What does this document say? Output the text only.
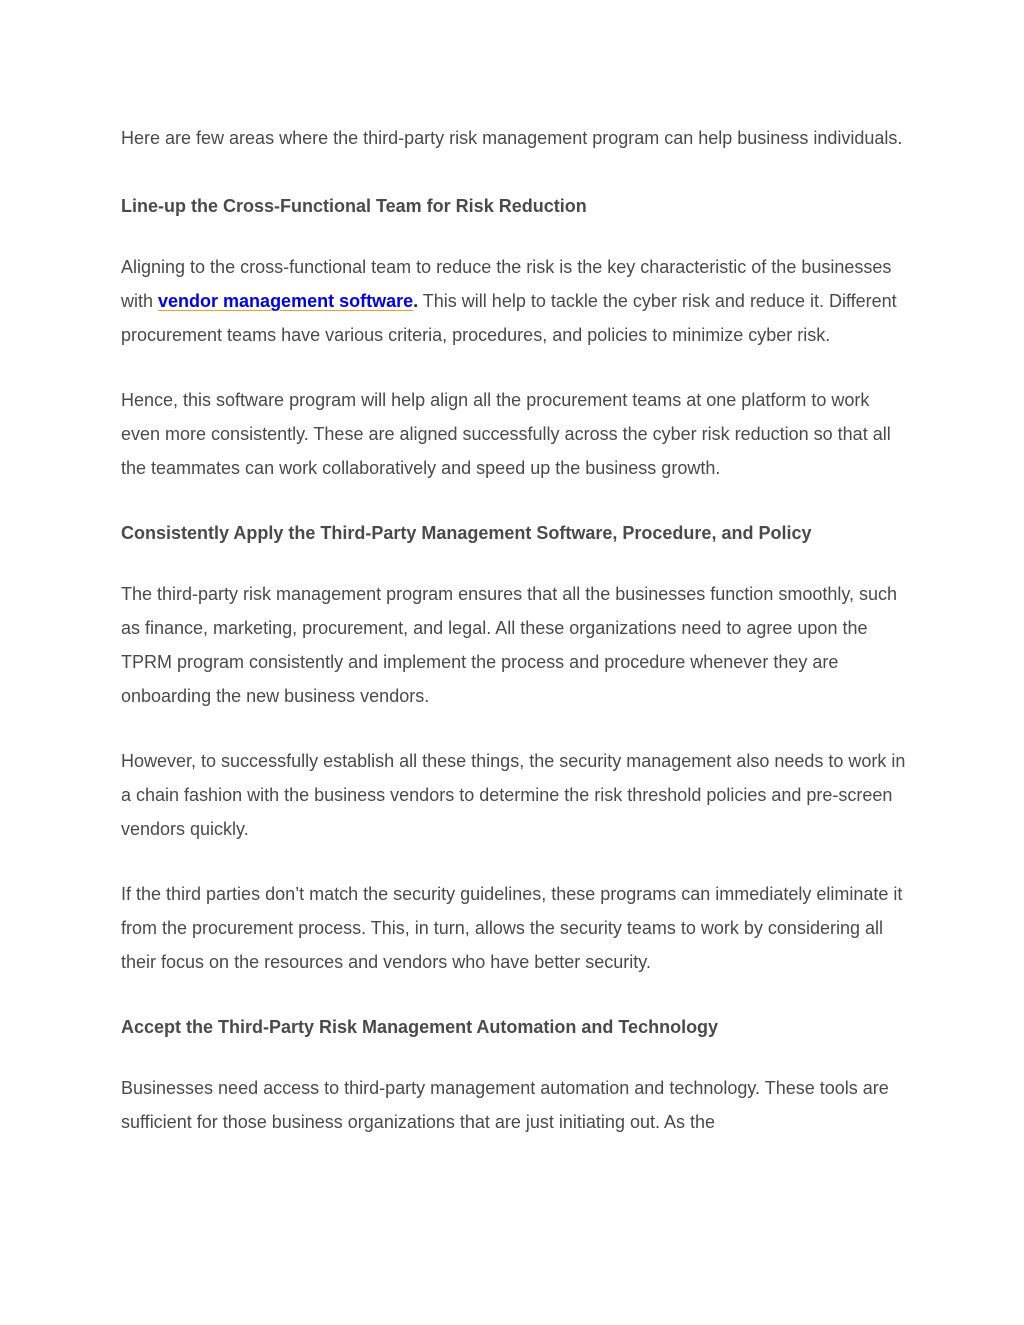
Here are few areas where the third-party risk management program can help business individuals.

Line-up the Cross-Functional Team for Risk Reduction

Aligning to the cross-functional team to reduce the risk is the key characteristic of the businesses with vendor management software. This will help to tackle the cyber risk and reduce it. Different procurement teams have various criteria, procedures, and policies to minimize cyber risk.

Hence, this software program will help align all the procurement teams at one platform to work even more consistently. These are aligned successfully across the cyber risk reduction so that all the teammates can work collaboratively and speed up the business growth.

Consistently Apply the Third-Party Management Software, Procedure, and Policy

The third-party risk management program ensures that all the businesses function smoothly, such as finance, marketing, procurement, and legal. All these organizations need to agree upon the TPRM program consistently and implement the process and procedure whenever they are onboarding the new business vendors.

However, to successfully establish all these things, the security management also needs to work in a chain fashion with the business vendors to determine the risk threshold policies and pre-screen vendors quickly.

If the third parties don’t match the security guidelines, these programs can immediately eliminate it from the procurement process. This, in turn, allows the security teams to work by considering all their focus on the resources and vendors who have better security.

Accept the Third-Party Risk Management Automation and Technology

Businesses need access to third-party management automation and technology. These tools are sufficient for those business organizations that are just initiating out. As the
